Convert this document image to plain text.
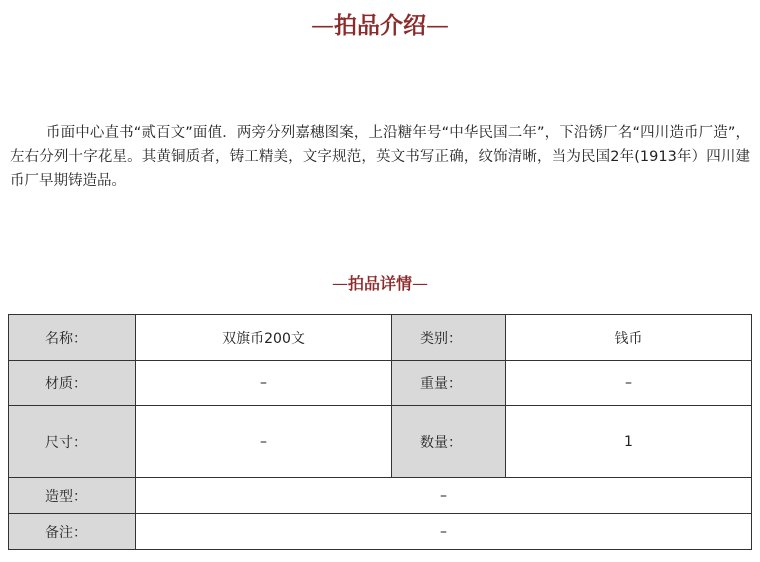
—拍品介绍—

币面中心直书“贰百文”面值．两旁分列嘉穗图案，上沿糖年号“中华民国二年”，下沿锈厂名“四川造币厂造”，左右分列十字花星。其黄铜质者，铸工精美，文字规范，英文书写正确，纹饰清晰，当为民国2年(1913年）四川建币厂早期铸造品。

—拍品详情—
名称：	双旗币200文	类别：	钱币
材质：	–	重量：	–
尺寸：	–	数量：	1
造型：	–		
备注：	–		
